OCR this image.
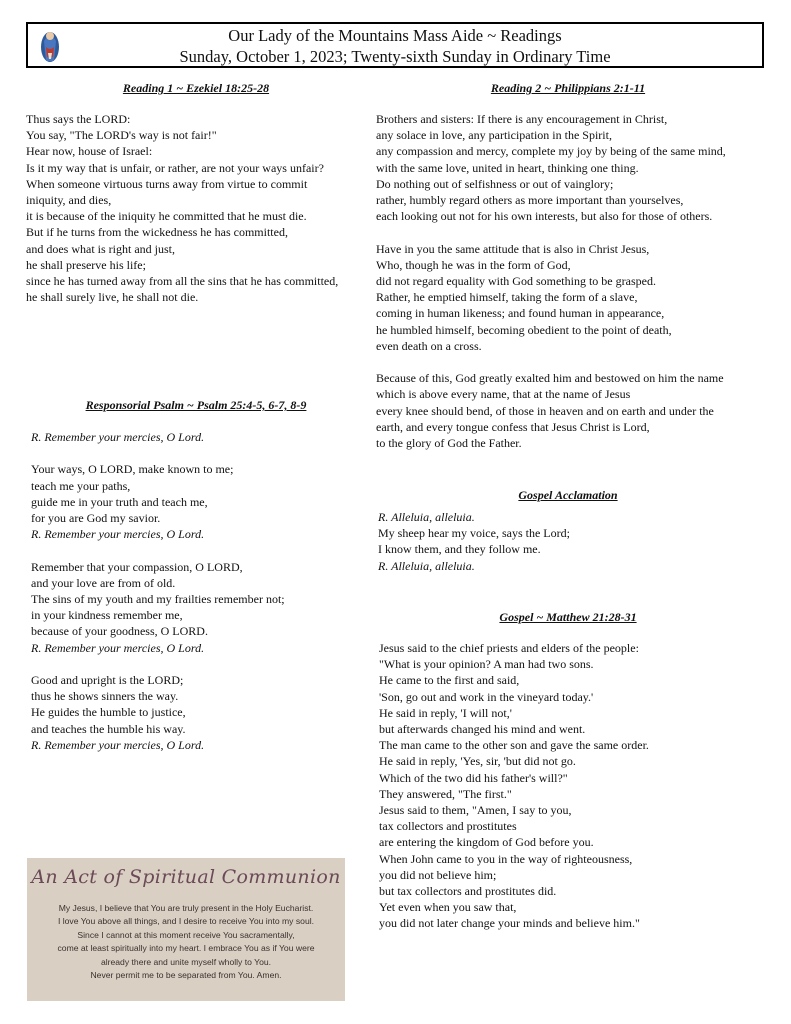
Our Lady of the Mountains Mass Aide ~ Readings
Sunday, October 1, 2023; Twenty-sixth Sunday in Ordinary Time
Reading 1 ~ Ezekiel 18:25-28
Thus says the LORD:
You say, "The LORD's way is not fair!"
Hear now, house of Israel:
Is it my way that is unfair, or rather, are not your ways unfair?
When someone virtuous turns away from virtue to commit
iniquity, and dies,
it is because of the iniquity he committed that he must die.
But if he turns from the wickedness he has committed,
and does what is right and just,
he shall preserve his life;
since he has turned away from all the sins that he has committed,
he shall surely live, he shall not die.
Responsorial Psalm ~ Psalm 25:4-5, 6-7, 8-9
R. Remember your mercies, O Lord.
Your ways, O LORD, make known to me;
teach me your paths,
guide me in your truth and teach me,
for you are God my savior.
R. Remember your mercies, O Lord.
Remember that your compassion, O LORD,
and your love are from of old.
The sins of my youth and my frailties remember not;
in your kindness remember me,
because of your goodness, O LORD.
R. Remember your mercies, O Lord.
Good and upright is the LORD;
thus he shows sinners the way.
He guides the humble to justice,
and teaches the humble his way.
R. Remember your mercies, O Lord.
Reading 2 ~ Philippians 2:1-11
Brothers and sisters: If there is any encouragement in Christ,
any solace in love, any participation in the Spirit,
any compassion and mercy, complete my joy by being of the same mind,
with the same love, united in heart, thinking one thing.
Do nothing out of selfishness or out of vainglory;
rather, humbly regard others as more important than yourselves,
each looking out not for his own interests, but also for those of others.
Have in you the same attitude that is also in Christ Jesus,
Who, though he was in the form of God,
did not regard equality with God something to be grasped.
Rather, he emptied himself, taking the form of a slave,
coming in human likeness; and found human in appearance,
he humbled himself, becoming obedient to the point of death,
even death on a cross.
Because of this, God greatly exalted him and bestowed on him the name
which is above every name, that at the name of Jesus
every knee should bend, of those in heaven and on earth and under the
earth, and every tongue confess that Jesus Christ is Lord,
to the glory of God the Father.
Gospel Acclamation
R. Alleluia, alleluia.
My sheep hear my voice, says the Lord;
I know them, and they follow me.
R. Alleluia, alleluia.
Gospel ~ Matthew 21:28-31
Jesus said to the chief priests and elders of the people:
"What is your opinion? A man had two sons.
He came to the first and said,
'Son, go out and work in the vineyard today.'
He said in reply, 'I will not,'
but afterwards changed his mind and went.
The man came to the other son and gave the same order.
He said in reply, 'Yes, sir, 'but did not go.
Which of the two did his father's will?"
They answered, "The first."
Jesus said to them, "Amen, I say to you,
tax collectors and prostitutes
are entering the kingdom of God before you.
When John came to you in the way of righteousness,
you did not believe him;
but tax collectors and prostitutes did.
Yet even when you saw that,
you did not later change your minds and believe him."
An Act of Spiritual Communion
My Jesus, I believe that You are truly present in the Holy Eucharist.
I love You above all things, and I desire to receive You into my soul.
Since I cannot at this moment receive You sacramentally,
come at least spiritually into my heart. I embrace You as if You were
already there and unite myself wholly to You.
Never permit me to be separated from You. Amen.
